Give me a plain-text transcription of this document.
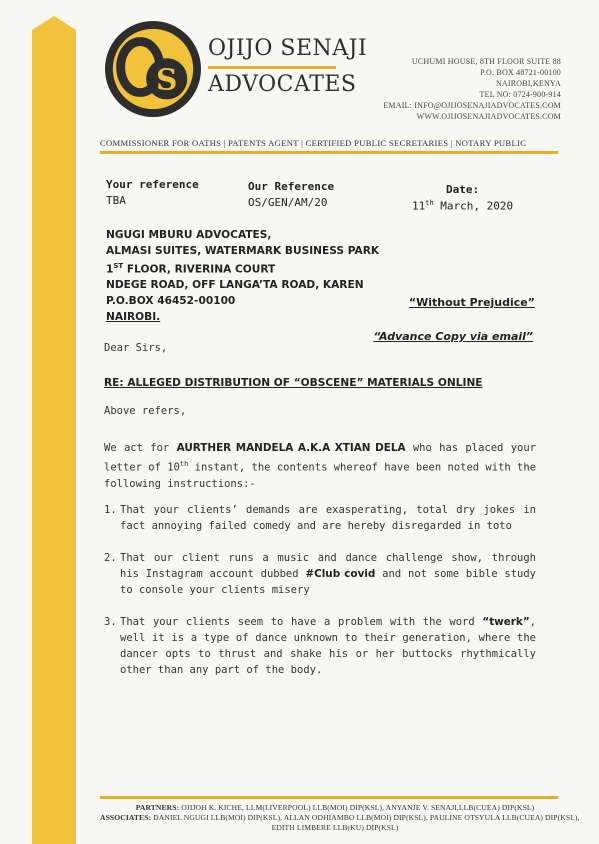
S
OJIJO SENAJI
ADVOCATES
UCHUMI HOUSE, 8TH FLOOR SUITE 88
P.O. BOX 48721-00100
NAIROBI,KENYA
TEL NO: 0724-900-914
EMAIL: INFO@OJIJOSENAJIADVOCATES.COM
WWW.OJIJOSENAJIADVOCATES.COM
COMMISSIONER FOR OATHS | PATENTS AGENT | CERTIFIED PUBLIC SECRETARIES | NOTARY PUBLIC
Your reference
TBA
Our Reference
OS/GEN/AM/20
Date:
11th March, 2020
NGUGI MBURU ADVOCATES,
ALMASI SUITES, WATERMARK BUSINESS PARK
1ST FLOOR, RIVERINA COURT
NDEGE ROAD, OFF LANGA’TA ROAD, KAREN
P.O.BOX 46452-00100
NAIROBI.
“Without Prejudice”
“Advance Copy via email”
Dear Sirs,
RE: ALLEGED DISTRIBUTION OF “OBSCENE” MATERIALS ONLINE
Above refers,
We act for AURTHER MANDELA A.K.A XTIAN DELA who has placed your letter of 10th instant, the contents whereof have been noted with the following instructions:-
1. That your clients’ demands are exasperating, total dry jokes in fact annoying failed comedy and are hereby disregarded in toto
2. That our client runs a music and dance challenge show, through his Instagram account dubbed #Club covid and not some bible study to console your clients misery
3. That your clients seem to have a problem with the word “twerk”, well it is a type of dance unknown to their generation, where the dancer opts to thrust and shake his or her buttocks rhythmically other than any part of the body.
PARTNERS: OJIJOH K. KICHE, LLM(LIVERPOOL) LLB(MOI) DIP(KSL), ANYANJE V. SENAJI,LLB(CUEA) DIP(KSL)
ASSOCIATES: DANIEL NGUGI LLB(MOI) DIP(KSL), ALLAN ODHIAMBO LLB(MOI) DIP(KSL), PAULINE OTSYULA LLB(CUEA) DIP(KSL),
EDITH LIMBERE LLB(KU) DIP(KSL)
